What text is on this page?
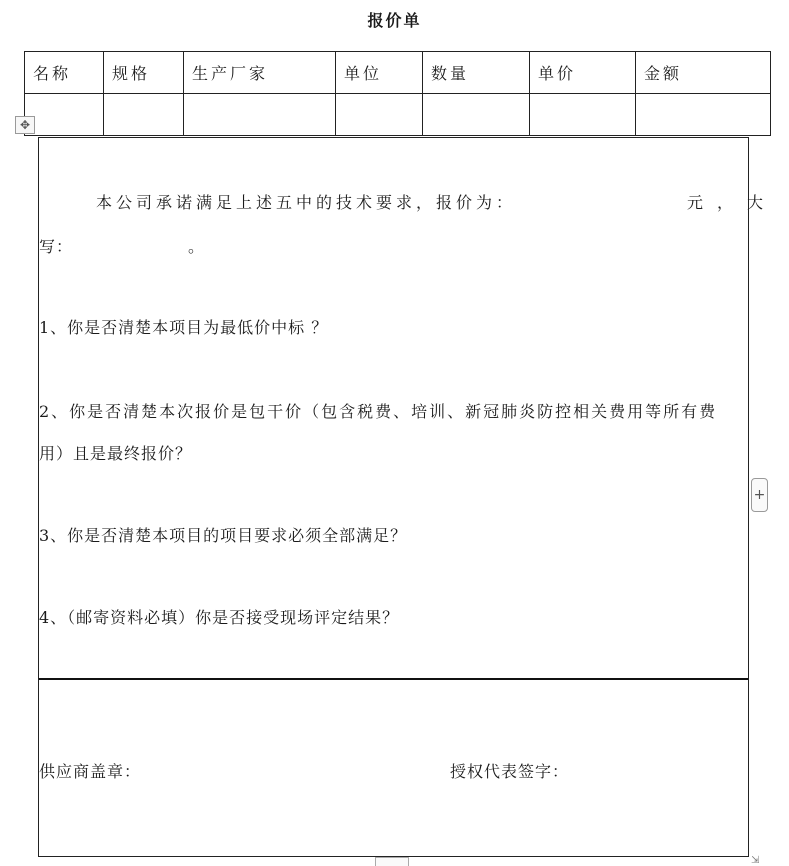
报价单
名称	规格	生产厂家	单位	数量	单价	金额

✥
本公司承诺满足上述五中的技术要求，报价为：	元，大
写：	。
1、你是否清楚本项目为最低价中标 ？
2、你是否清楚本次报价是包干价（包含税费、培训、新冠肺炎防控相关费用等所有费
用）且是最终报价？
3、你是否清楚本项目的项目要求必须全部满足？
4、（邮寄资料必填）你是否接受现场评定结果？
供应商盖章：	授权代表签字：
+
⇲
